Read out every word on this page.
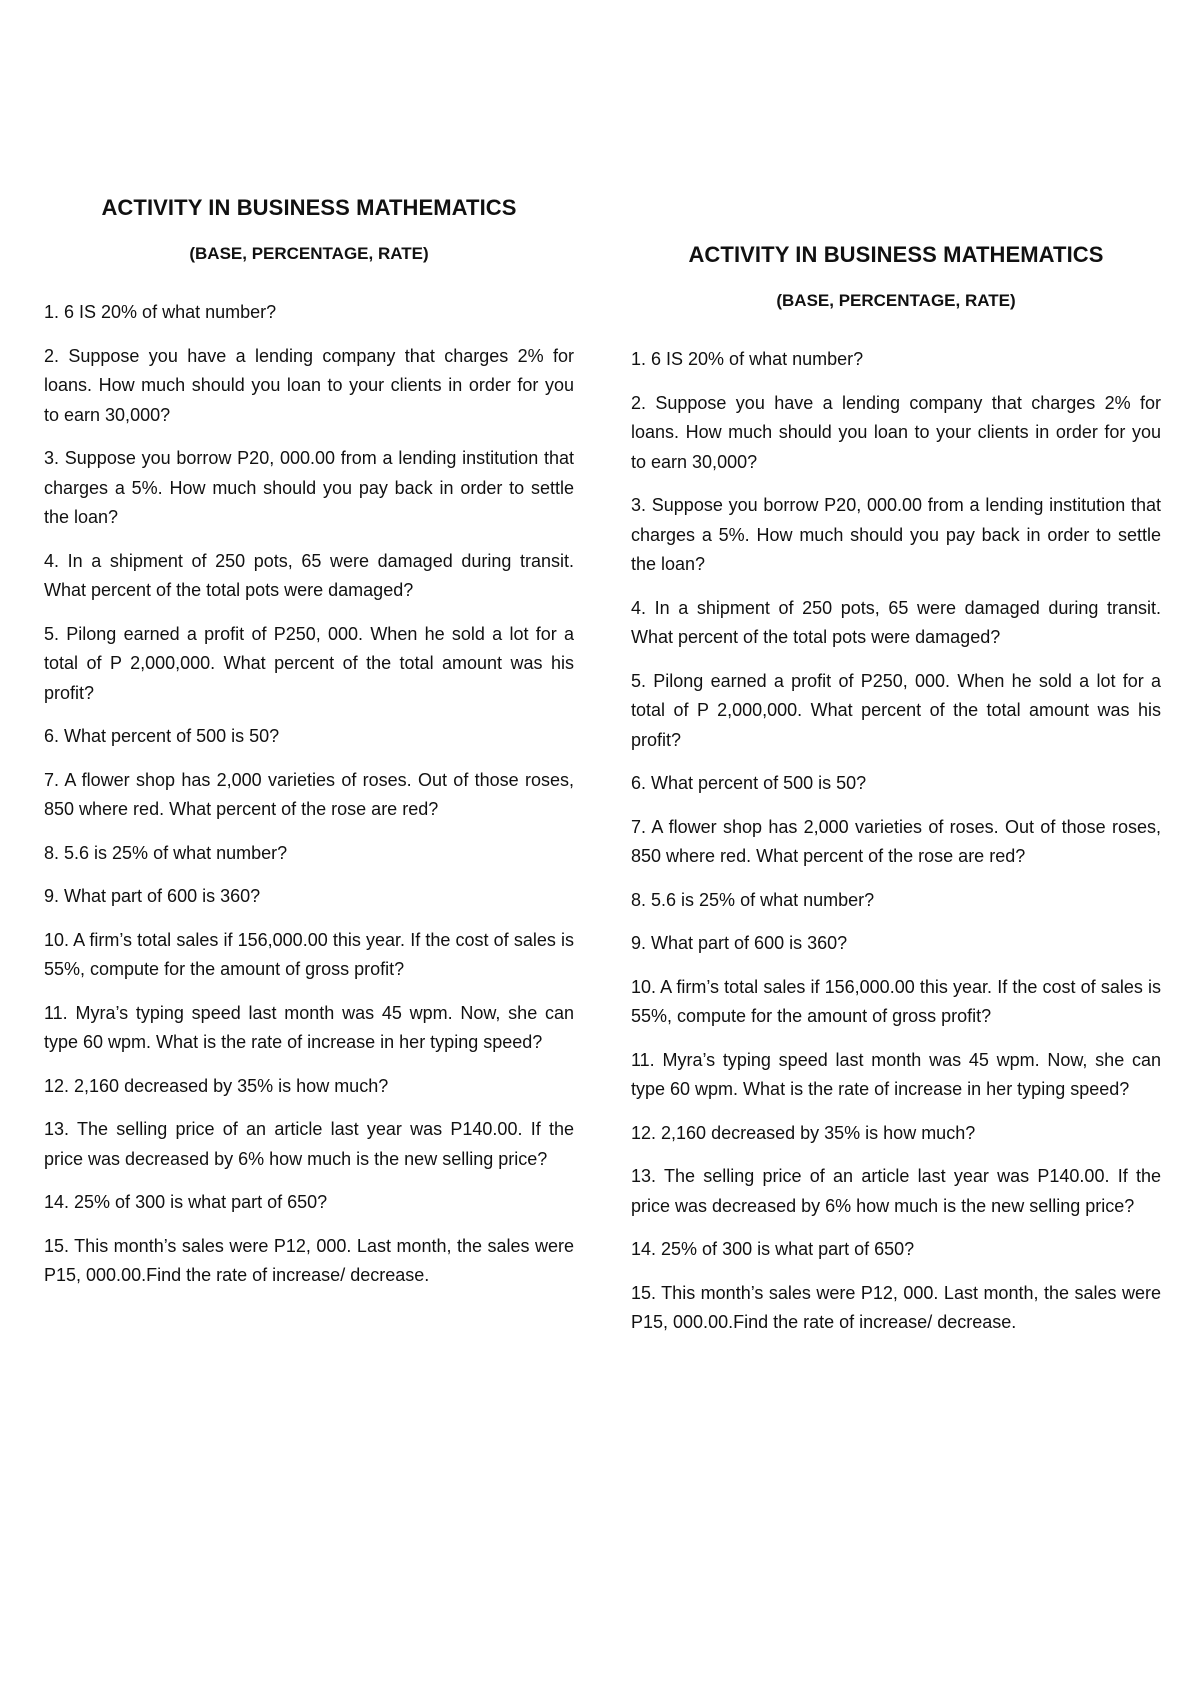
ACTIVITY IN BUSINESS MATHEMATICS
(BASE, PERCENTAGE, RATE)
1. 6 IS 20% of what number?
2. Suppose you have a lending company that charges 2% for loans. How much should you loan to your clients in order for you to earn 30,000?
3. Suppose you borrow P20, 000.00 from a lending institution that charges a 5%. How much should you pay back in order to settle the loan?
4. In a shipment of 250 pots, 65 were damaged during transit. What percent of the total pots were damaged?
5. Pilong earned a profit of P250, 000. When he sold a lot for a total of P 2,000,000. What percent of the total amount was his profit?
6. What percent of 500 is 50?
7. A flower shop has 2,000 varieties of roses. Out of those roses, 850 where red. What percent of the rose are red?
8. 5.6 is 25% of what number?
9. What part of 600 is 360?
10. A firm’s total sales if 156,000.00 this year. If the cost of sales is 55%, compute for the amount of gross profit?
11. Myra’s typing speed last month was 45 wpm. Now, she can type 60 wpm. What is the rate of increase in her typing speed?
12. 2,160 decreased by 35% is how much?
13. The selling price of an article last year was P140.00. If the price was decreased by 6% how much is the new selling price?
14. 25% of 300 is what part of 650?
15. This month’s sales were P12, 000. Last month, the sales were P15, 000.00.Find the rate of increase/ decrease.
ACTIVITY IN BUSINESS MATHEMATICS
(BASE, PERCENTAGE, RATE)
1. 6 IS 20% of what number?
2. Suppose you have a lending company that charges 2% for loans. How much should you loan to your clients in order for you to earn 30,000?
3. Suppose you borrow P20, 000.00 from a lending institution that charges a 5%. How much should you pay back in order to settle the loan?
4. In a shipment of 250 pots, 65 were damaged during transit. What percent of the total pots were damaged?
5. Pilong earned a profit of P250, 000. When he sold a lot for a total of P 2,000,000. What percent of the total amount was his profit?
6. What percent of 500 is 50?
7. A flower shop has 2,000 varieties of roses. Out of those roses, 850 where red. What percent of the rose are red?
8. 5.6 is 25% of what number?
9. What part of 600 is 360?
10. A firm’s total sales if 156,000.00 this year. If the cost of sales is 55%, compute for the amount of gross profit?
11. Myra’s typing speed last month was 45 wpm. Now, she can type 60 wpm. What is the rate of increase in her typing speed?
12. 2,160 decreased by 35% is how much?
13. The selling price of an article last year was P140.00. If the price was decreased by 6% how much is the new selling price?
14. 25% of 300 is what part of 650?
15. This month’s sales were P12, 000. Last month, the sales were P15, 000.00.Find the rate of increase/ decrease.
